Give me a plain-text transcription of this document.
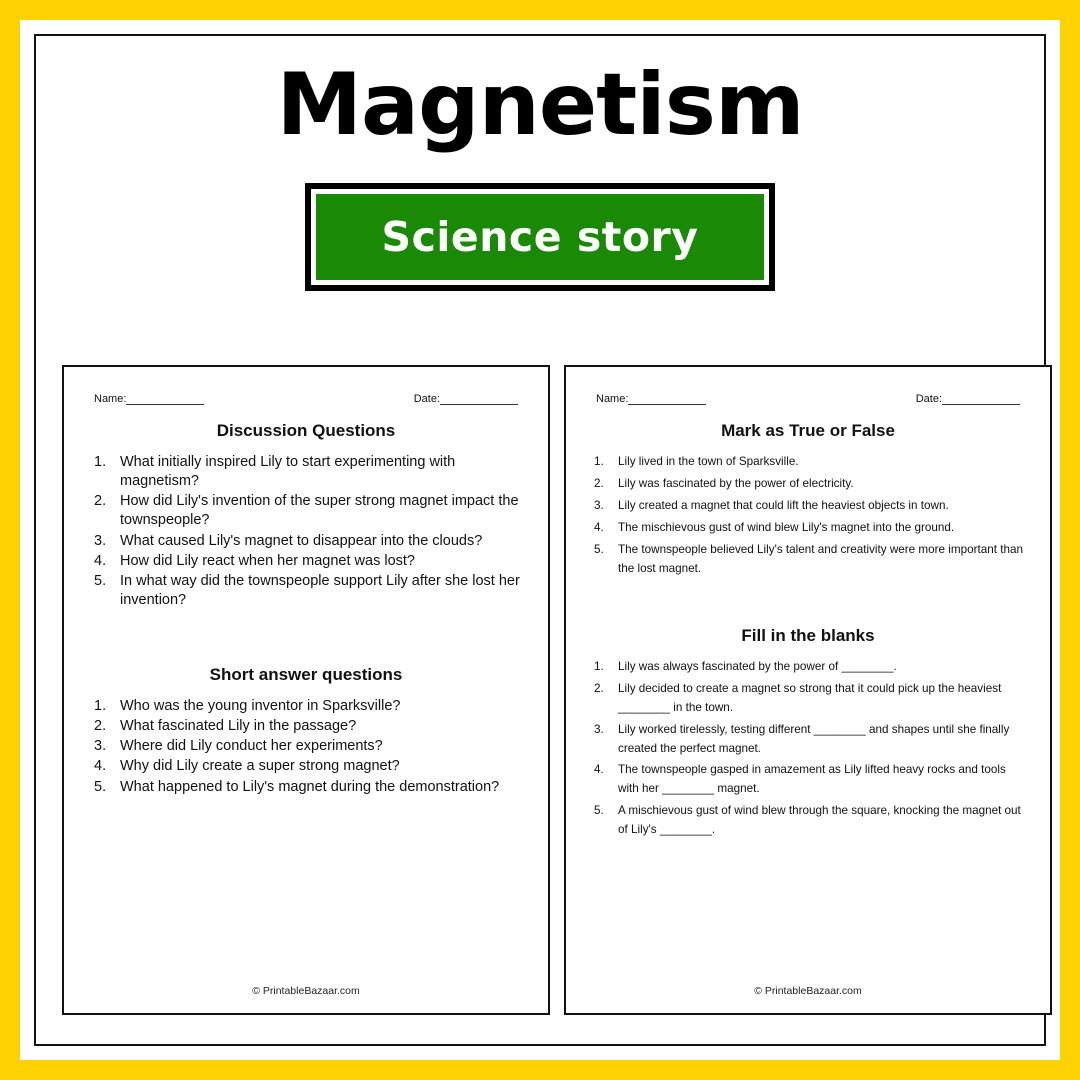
Magnetism
Science story
Name:	Date:
Discussion Questions
1. What initially inspired Lily to start experimenting with magnetism?
2. How did Lily's invention of the super strong magnet impact the townspeople?
3. What caused Lily's magnet to disappear into the clouds?
4. How did Lily react when her magnet was lost?
5. In what way did the townspeople support Lily after she lost her invention?
Short answer questions
1. Who was the young inventor in Sparksville?
2. What fascinated Lily in the passage?
3. Where did Lily conduct her experiments?
4. Why did Lily create a super strong magnet?
5. What happened to Lily's magnet during the demonstration?
© PrintableBazaar.com
Name:	Date:
Mark as True or False
1.	Lily lived in the town of Sparksville.
2.	Lily was fascinated by the power of electricity.
3.	Lily created a magnet that could lift the heaviest objects in town.
4.	The mischievous gust of wind blew Lily's magnet into the ground.
5.	The townspeople believed Lily's talent and creativity were more important than the lost magnet.
Fill in the blanks
1.	Lily was always fascinated by the power of ________.
2.	Lily decided to create a magnet so strong that it could pick up the heaviest ________ in the town.
3.	Lily worked tirelessly, testing different ________ and shapes until she finally created the perfect magnet.
4.	The townspeople gasped in amazement as Lily lifted heavy rocks and tools with her ________ magnet.
5.	A mischievous gust of wind blew through the square, knocking the magnet out of Lily's ________.
© PrintableBazaar.com
